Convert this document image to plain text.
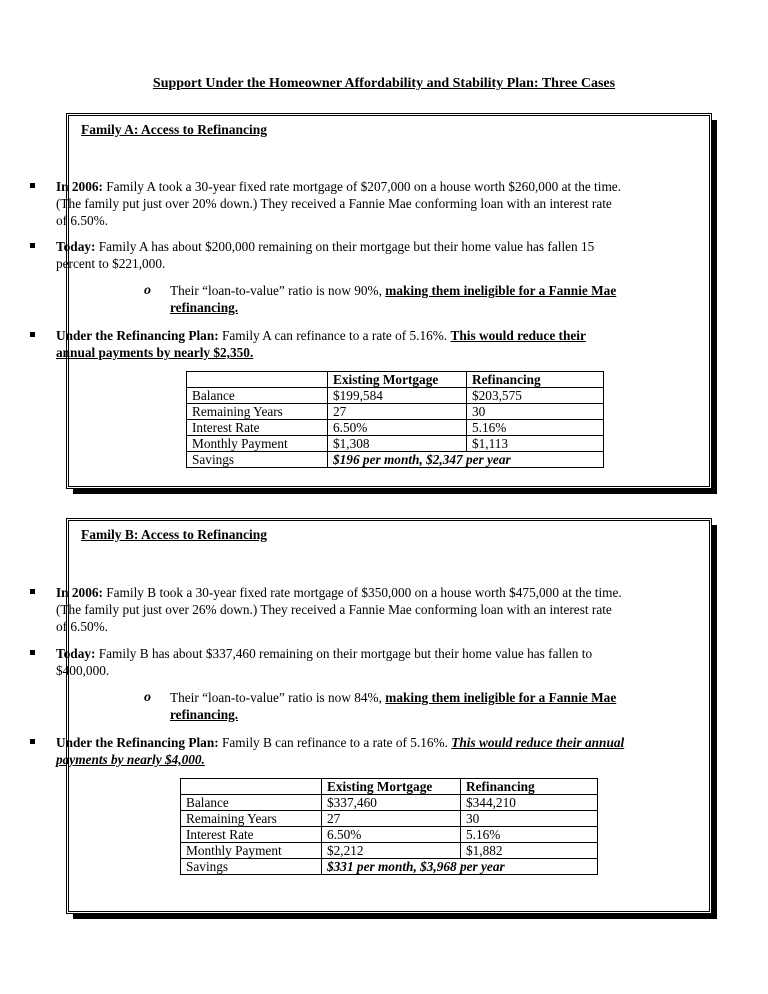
Support Under the Homeowner Affordability and Stability Plan: Three Cases
Family A: Access to Refinancing
In 2006: Family A took a 30-year fixed rate mortgage of $207,000 on a house worth $260,000 at the time. (The family put just over 20% down.) They received a Fannie Mae conforming loan with an interest rate of 6.50%.
Today: Family A has about $200,000 remaining on their mortgage but their home value has fallen 15 percent to $221,000.
o Their “loan-to-value” ratio is now 90%, making them ineligible for a Fannie Mae refinancing.
Under the Refinancing Plan: Family A can refinance to a rate of 5.16%. This would reduce their annual payments by nearly $2,350.
	Existing Mortgage	Refinancing
Balance	$199,584	$203,575
Remaining Years	27	30
Interest Rate	6.50%	5.16%
Monthly Payment	$1,308	$1,113
Savings	$196 per month, $2,347 per year	
Family B: Access to Refinancing
In 2006: Family B took a 30-year fixed rate mortgage of $350,000 on a house worth $475,000 at the time. (The family put just over 26% down.) They received a Fannie Mae conforming loan with an interest rate of 6.50%.
Today: Family B has about $337,460 remaining on their mortgage but their home value has fallen to $400,000.
o Their “loan-to-value” ratio is now 84%, making them ineligible for a Fannie Mae refinancing.
Under the Refinancing Plan: Family B can refinance to a rate of 5.16%. This would reduce their annual payments by nearly $4,000.
	Existing Mortgage	Refinancing
Balance	$337,460	$344,210
Remaining Years	27	30
Interest Rate	6.50%	5.16%
Monthly Payment	$2,212	$1,882
Savings	$331 per month, $3,968 per year	
